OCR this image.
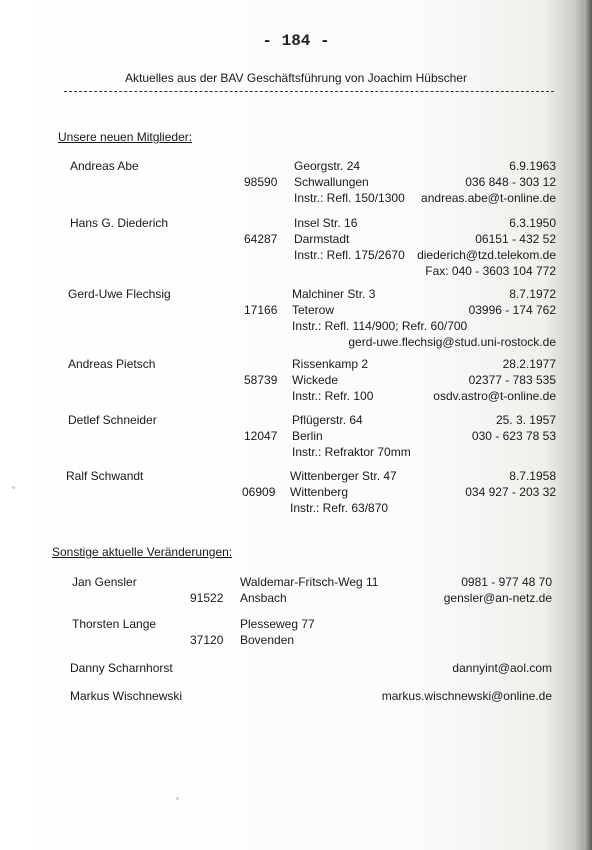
- 184 -
Aktuelles aus der BAV Geschäftsführung von Joachim Hübscher
Unsere neuen Mitglieder:
Andreas Abe
98590
Georgstr. 24
Schwallungen
Instr.: Refl. 150/1300
6.9.1963
036 848 - 303 12
andreas.abe@t-online.de
Hans G. Diederich
64287
Insel Str. 16
Darmstadt
Instr.: Refl. 175/2670
6.3.1950
06151 - 432 52
diederich@tzd.telekom.de
Fax: 040 - 3603 104 772
Gerd-Uwe Flechsig
17166
Malchiner Str. 3
Teterow
Instr.: Refl. 114/900; Refr. 60/700
8.7.1972
03996 - 174 762
gerd-uwe.flechsig@stud.uni-rostock.de
Andreas Pietsch
58739
Rissenkamp 2
Wickede
Instr.: Refr. 100
28.2.1977
02377 - 783 535
osdv.astro@t-online.de
Detlef Schneider
12047
Pflügerstr. 64
Berlin
Instr.: Refraktor 70mm
25. 3. 1957
030 - 623 78 53
Ralf Schwandt
06909
Wittenberger Str. 47
Wittenberg
Instr.: Refr. 63/870
8.7.1958
034 927 - 203 32
Sonstige aktuelle Veränderungen:
Jan Gensler
91522
Waldemar-Fritsch-Weg 11
Ansbach
0981 - 977 48 70
gensler@an-netz.de
Thorsten Lange
37120
Plesseweg 77
Bovenden
Danny Scharnhorst	dannyint@aol.com
Markus Wischnewski	markus.wischnewski@online.de
